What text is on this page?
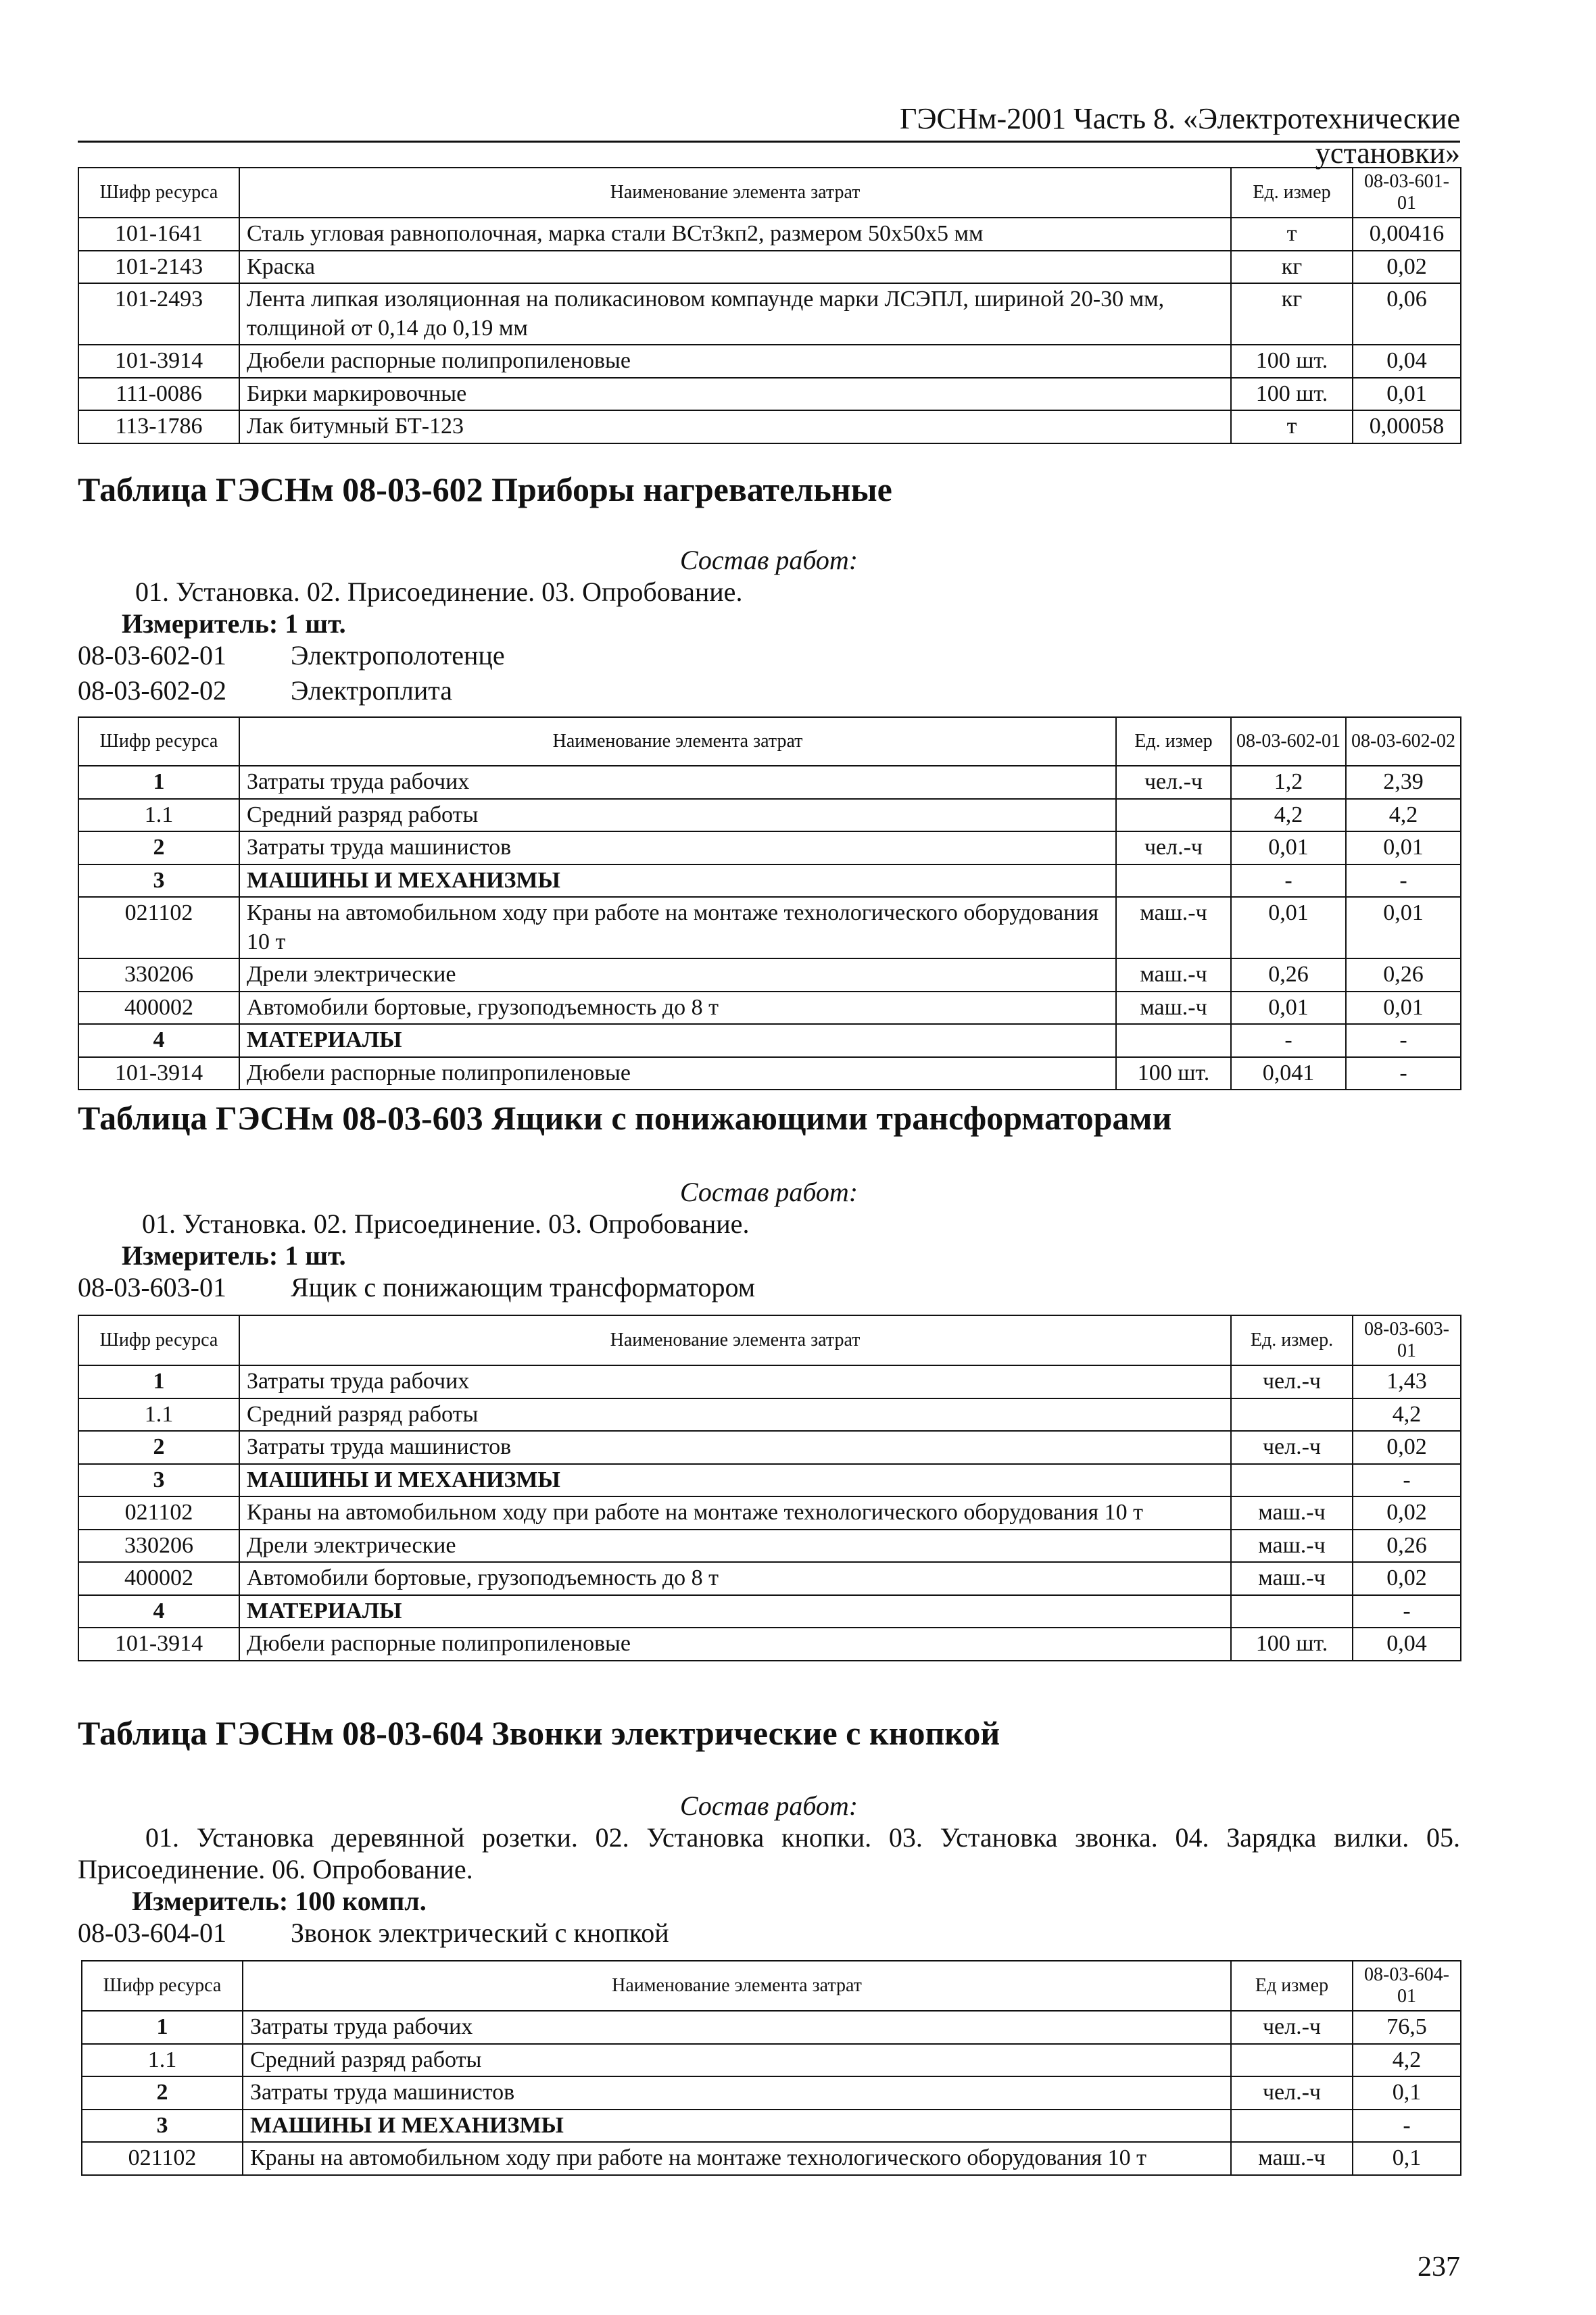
ГЭСНм-2001 Часть 8. «Электротехнические установки»
Шифр ресурса	Наименование элемента затрат	Ед. измер	08-03-601-01
101-1641	Сталь угловая равнополочная, марка стали ВСт3кп2, размером 50х50х5 мм	т	0,00416
101-2143	Краска	кг	0,02
101-2493	Лента липкая изоляционная на поликасиновом компаунде марки ЛСЭПЛ, шириной 20-30 мм, толщиной от 0,14 до 0,19 мм	кг	0,06
101-3914	Дюбели распорные полипропиленовые	100 шт.	0,04
111-0086	Бирки маркировочные	100 шт.	0,01
113-1786	Лак битумный БТ-123	т	0,00058
Таблица ГЭСНм 08-03-602 Приборы нагревательные
Состав работ:
01. Установка. 02. Присоединение. 03. Опробование.
Измеритель: 1 шт.
08-03-602-01 Электрополотенце
08-03-602-02 Электроплита
Шифр ресурса	Наименование элемента затрат	Ед. измер	08-03-602-01	08-03-602-02
1	Затраты труда рабочих	чел.-ч	1,2	2,39
1.1	Средний разряд работы		4,2	4,2
2	Затраты труда машинистов	чел.-ч	0,01	0,01
3	МАШИНЫ И МЕХАНИЗМЫ		-	-
021102	Краны на автомобильном ходу при работе на монтаже технологического оборудования 10 т	маш.-ч	0,01	0,01
330206	Дрели электрические	маш.-ч	0,26	0,26
400002	Автомобили бортовые, грузоподъемность до 8 т	маш.-ч	0,01	0,01
4	МАТЕРИАЛЫ		-	-
101-3914	Дюбели распорные полипропиленовые	100 шт.	0,041	-
Таблица ГЭСНм 08-03-603 Ящики с понижающими трансформаторами
Состав работ:
01. Установка. 02. Присоединение. 03. Опробование.
Измеритель: 1 шт.
08-03-603-01 Ящик с понижающим трансформатором
Шифр ресурса	Наименование элемента затрат	Ед. измер.	08-03-603-01
1	Затраты труда рабочих	чел.-ч	1,43
1.1	Средний разряд работы		4,2
2	Затраты труда машинистов	чел.-ч	0,02
3	МАШИНЫ И МЕХАНИЗМЫ		-
021102	Краны на автомобильном ходу при работе на монтаже технологического оборудования 10 т	маш.-ч	0,02
330206	Дрели электрические	маш.-ч	0,26
400002	Автомобили бортовые, грузоподъемность до 8 т	маш.-ч	0,02
4	МАТЕРИАЛЫ		-
101-3914	Дюбели распорные полипропиленовые	100 шт.	0,04
Таблица ГЭСНм 08-03-604 Звонки электрические с кнопкой
Состав работ:
01. Установка деревянной розетки. 02. Установка кнопки. 03. Установка звонка. 04. Зарядка вилки. 05.
Присоединение. 06. Опробование.
Измеритель: 100 компл.
08-03-604-01 Звонок электрический с кнопкой
Шифр ресурса	Наименование элемента затрат	Ед измер	08-03-604-01
1	Затраты труда рабочих	чел.-ч	76,5
1.1	Средний разряд работы		4,2
2	Затраты труда машинистов	чел.-ч	0,1
3	МАШИНЫ И МЕХАНИЗМЫ		-
021102	Краны на автомобильном ходу при работе на монтаже технологического оборудования 10 т	маш.-ч	0,1
237
